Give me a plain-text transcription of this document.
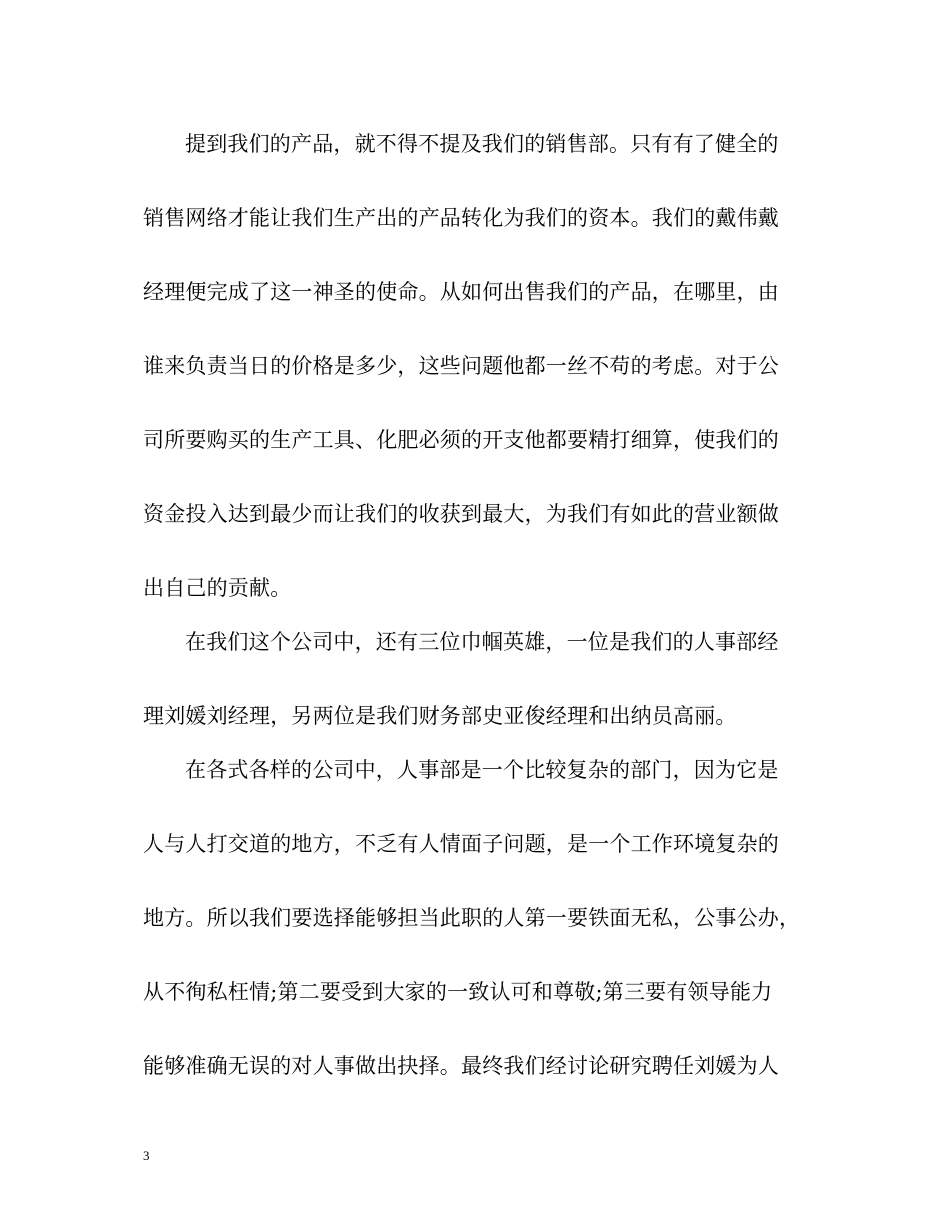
提到我们的产品，就不得不提及我们的销售部。只有有了健全的
销售网络才能让我们生产出的产品转化为我们的资本。我们的戴伟戴
经理便完成了这一神圣的使命。从如何出售我们的产品，在哪里，由
谁来负责当日的价格是多少，这些问题他都一丝不苟的考虑。对于公
司所要购买的生产工具、化肥必须的开支他都要精打细算，使我们的
资金投入达到最少而让我们的收获到最大，为我们有如此的营业额做
出自己的贡献。
在我们这个公司中，还有三位巾帼英雄，一位是我们的人事部经
理刘媛刘经理，另两位是我们财务部史亚俊经理和出纳员高丽。
在各式各样的公司中，人事部是一个比较复杂的部门，因为它是
人与人打交道的地方，不乏有人情面子问题，是一个工作环境复杂的
地方。所以我们要选择能够担当此职的人第一要铁面无私，公事公办，
从不徇私枉情;第二要受到大家的一致认可和尊敬;第三要有领导能力
能够准确无误的对人事做出抉择。最终我们经讨论研究聘任刘媛为人
3
